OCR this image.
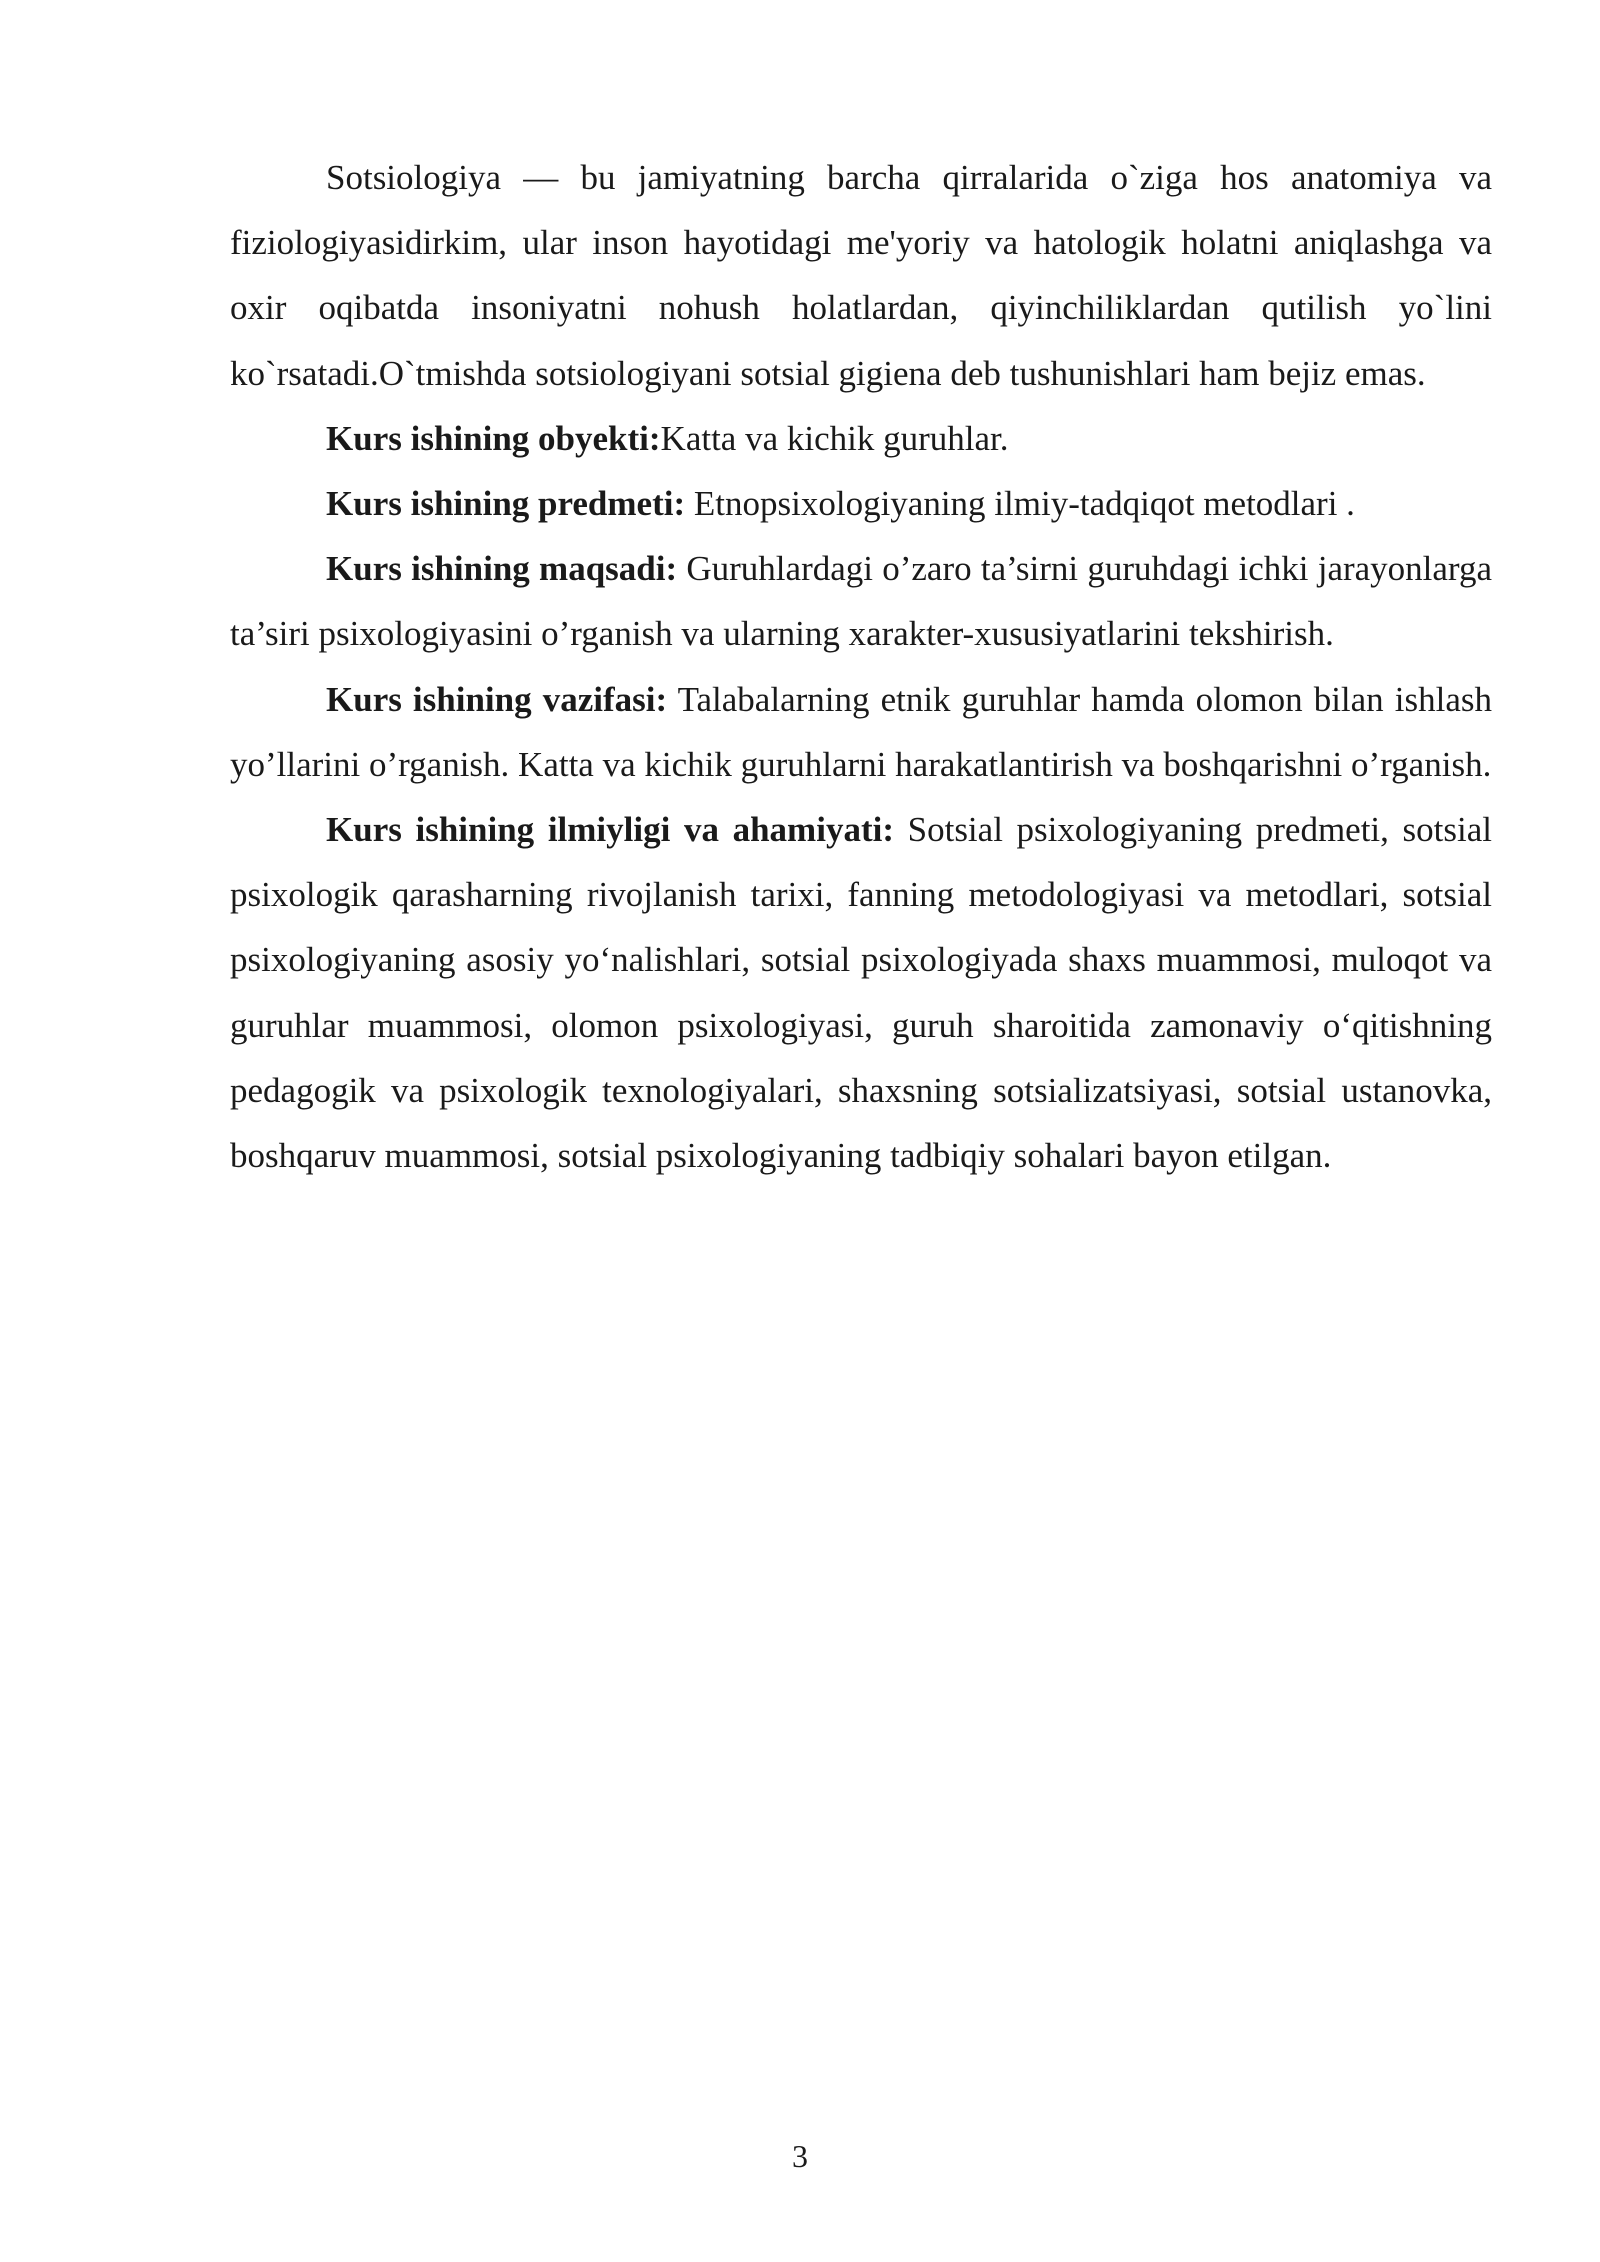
Sotsiologiya — bu jamiyatning barcha qirralarida o`ziga hos anatomiya va fiziologiyasidirkim, ular inson hayotidagi me'yoriy va hatologik holatni aniqlashga va oxir oqibatda insoniyatni nohush holatlardan, qiyinchiliklardan qutilish yo`lini ko`rsatadi.O`tmishda sotsiologiyani sotsial gigiena deb tushunishlari ham bejiz emas.

Kurs ishining obyekti:Katta va kichik guruhlar.

Kurs ishining predmeti: Etnopsixologiyaning ilmiy-tadqiqot metodlari .

Kurs ishining maqsadi: Guruhlardagi o’zaro ta’sirni guruhdagi ichki jarayonlarga ta’siri psixologiyasini o’rganish va ularning xarakter-xususiyatlarini tekshirish.

Kurs ishining vazifasi: Talabalarning etnik guruhlar hamda olomon bilan ishlash yo’llarini o’rganish. Katta va kichik guruhlarni harakatlantirish va boshqarishni o’rganish.

Kurs ishining ilmiyligi va ahamiyati: Sotsial psixologiyaning predmeti, sotsial psixologik qarasharning rivojlanish tarixi, fanning metodologiyasi va metodlari, sotsial psixologiyaning asosiy yo‘nalishlari, sotsial psixologiyada shaxs muammosi, muloqot va guruhlar muammosi, olomon psixologiyasi, guruh sharoitida zamonaviy o‘qitishning pedagogik va psixologik texnologiyalari, shaxsning sotsializatsiyasi, sotsial ustanovka, boshqaruv muammosi, sotsial psixologiyaning tadbiqiy sohalari bayon etilgan.

3
